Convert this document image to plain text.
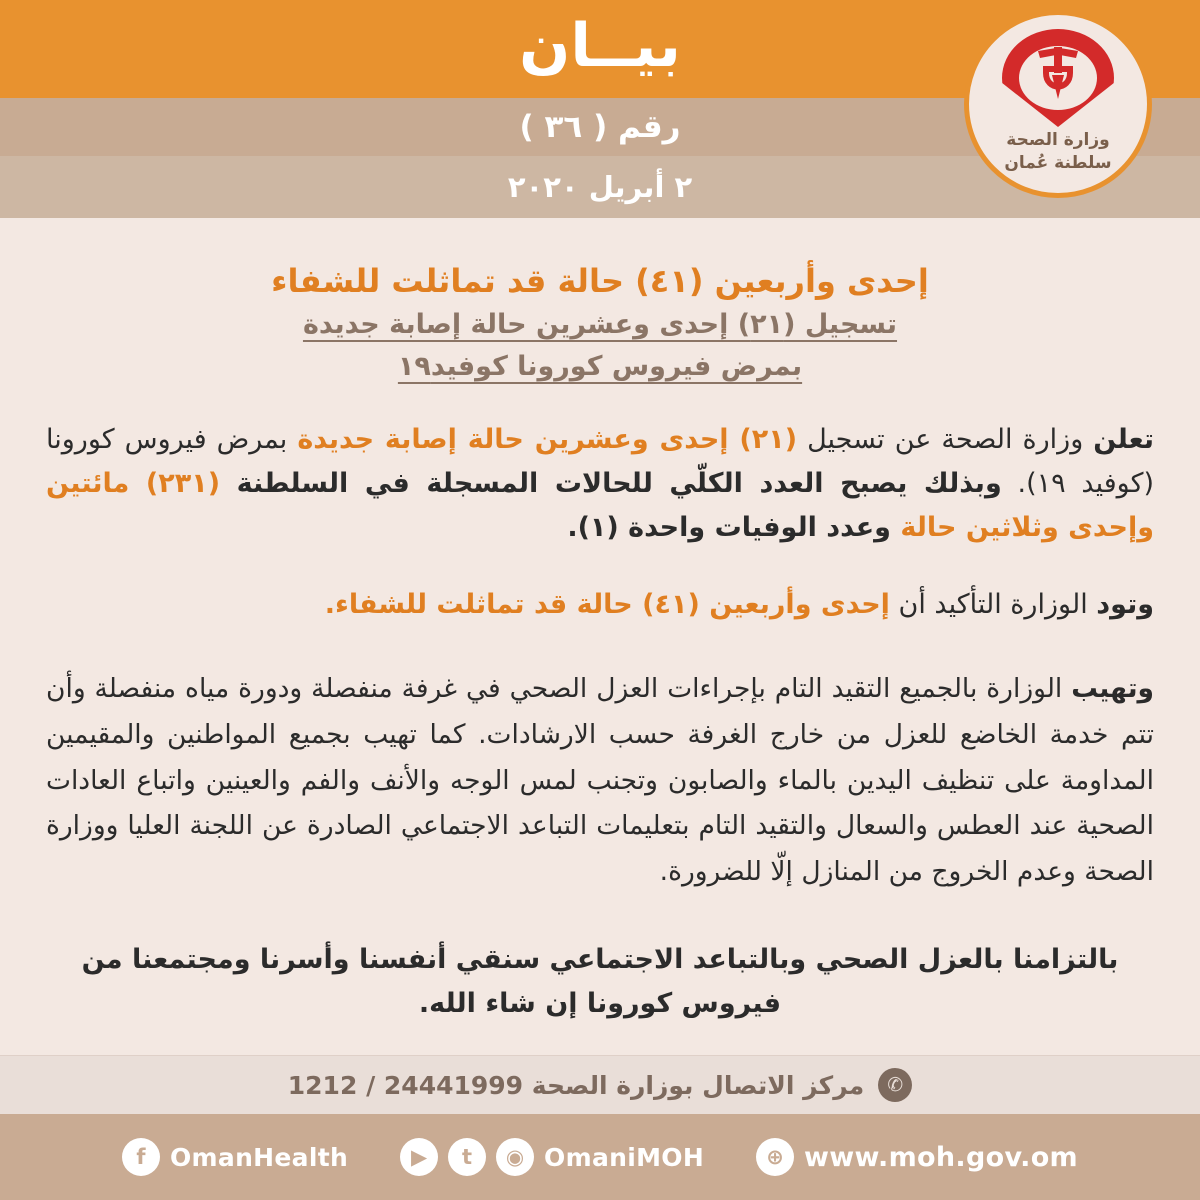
بيــان
رقم ( ٣٦ )
٢ أبريل ٢٠٢٠
وزارة الصحة
سلطنة عُمان
إحدى وأربعين (٤١) حالة قد تماثلت للشفاء
تسجيل (٢١) إحدى وعشرين حالة إصابة جديدة
بمرض فيروس كورونا كوفيد١٩
تعلن وزارة الصحة عن تسجيل (٢١) إحدى وعشرين حالة إصابة جديدة بمرض فيروس كورونا (كوفيد ١٩). وبذلك يصبح العدد الكلّي للحالات المسجلة في السلطنة (٢٣١) مائتين وإحدى وثلاثين حالة وعدد الوفيات واحدة (١).
وتود الوزارة التأكيد أن إحدى وأربعين (٤١) حالة قد تماثلت للشفاء.
وتهيب الوزارة بالجميع التقيد التام بإجراءات العزل الصحي في غرفة منفصلة ودورة مياه منفصلة وأن تتم خدمة الخاضع للعزل من خارج الغرفة حسب الارشادات. كما تهيب بجميع المواطنين والمقيمين المداومة على تنظيف اليدين بالماء والصابون وتجنب لمس الوجه والأنف والفم والعينين واتباع العادات الصحية عند العطس والسعال والتقيد التام بتعليمات التباعد الاجتماعي الصادرة عن اللجنة العليا ووزارة الصحة وعدم الخروج من المنازل إلّا للضرورة.
بالتزامنا بالعزل الصحي وبالتباعد الاجتماعي سنقي أنفسنا وأسرنا ومجتمعنا من فيروس كورونا إن شاء الله.
✆
مركز الاتصال بوزارة الصحة 24441999 / 1212
f OmanHealth	▶	t	◉ OmaniMOH	⊕ www.moh.gov.om
